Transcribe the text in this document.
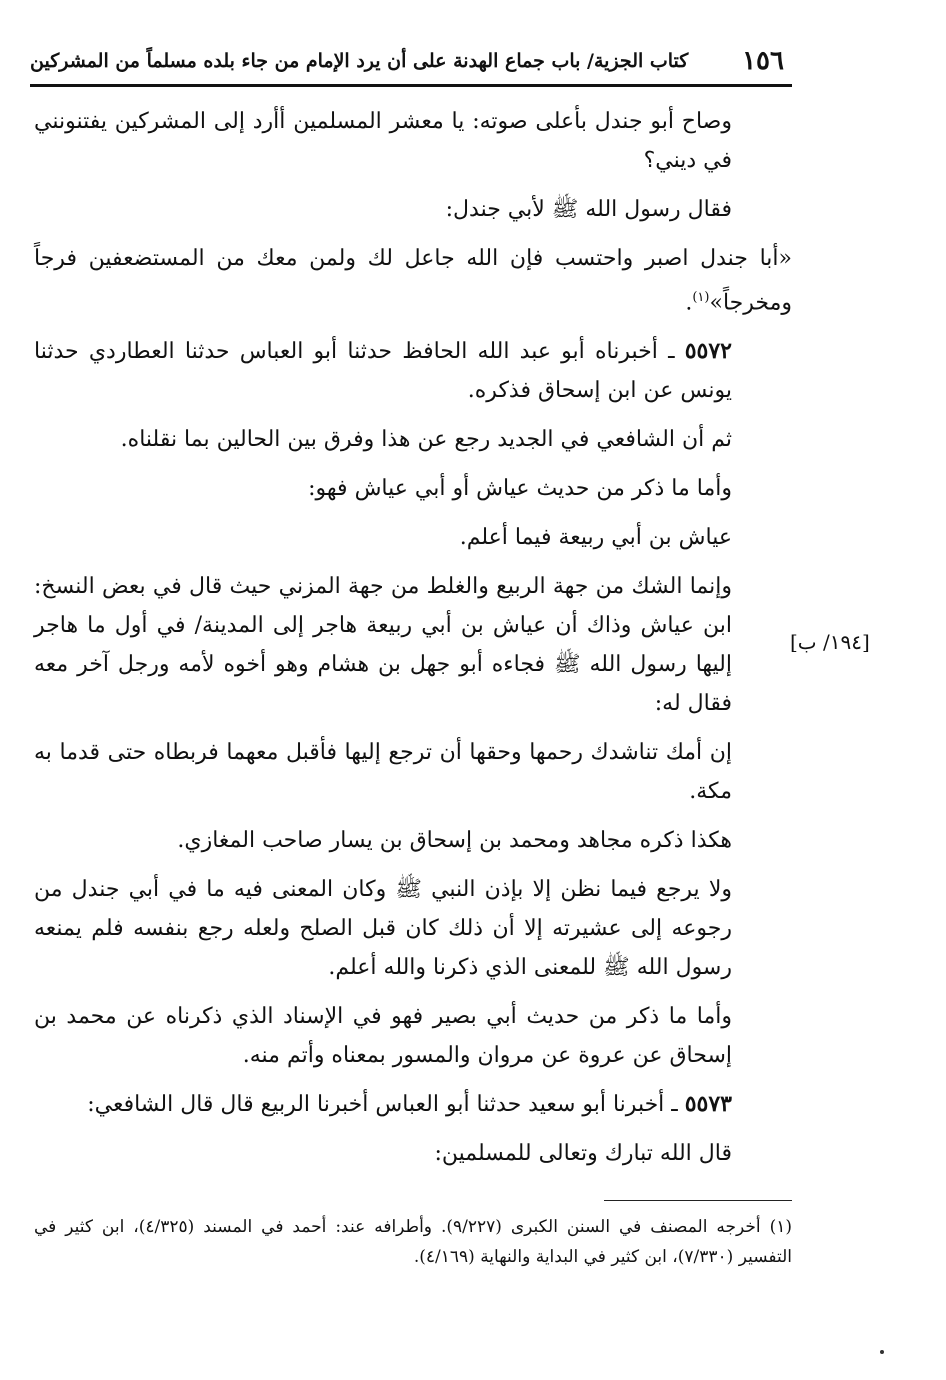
١٥٦
كتاب الجزية/ باب جماع الهدنة على أن يرد الإمام من جاء بلده مسلماً من المشركين

وصاح أبو جندل بأعلى صوته: يا معشر المسلمين أأرد إلى المشركين يفتنونني في ديني؟

فقال رسول الله ﷺ لأبي جندل:

«أبا جندل اصبر واحتسب فإن الله جاعل لك ولمن معك من المستضعفين فرجاً ومخرجاً»$^{(١)}$.

٥٥٧٢ ـ أخبرناه أبو عبد الله الحافظ حدثنا أبو العباس حدثنا العطاردي حدثنا يونس عن ابن إسحاق فذكره.

ثم أن الشافعي في الجديد رجع عن هذا وفرق بين الحالين بما نقلناه.

وأما ما ذكر من حديث عياش أو أبي عياش فهو:

عياش بن أبي ربيعة فيما أعلم.

وإنما الشك من جهة الربيع والغلط من جهة المزني حيث قال في بعض النسخ: ابن عياش وذاك أن عياش بن أبي ربيعة هاجر إلى المدينة/ في أول ما هاجر إليها رسول الله ﷺ فجاءه أبو جهل بن هشام وهو أخوه لأمه ورجل آخر معه فقال له:

إن أمك تناشدك رحمها وحقها أن ترجع إليها فأقبل معهما فربطاه حتى قدما به مكة.

هكذا ذكره مجاهد ومحمد بن إسحاق بن يسار صاحب المغازي.

ولا يرجع فيما نظن إلا بإذن النبي ﷺ وكان المعنى فيه ما في أبي جندل من رجوعه إلى عشيرته إلا أن ذلك كان قبل الصلح ولعله رجع بنفسه فلم يمنعه رسول الله ﷺ للمعنى الذي ذكرنا والله أعلم.

وأما ما ذكر من حديث أبي بصير فهو في الإسناد الذي ذكرناه عن محمد بن إسحاق عن عروة عن مروان والمسور بمعناه وأتم منه.

٥٥٧٣ ـ أخبرنا أبو سعيد حدثنا أبو العباس أخبرنا الربيع قال قال الشافعي:

قال الله تبارك وتعالى للمسلمين:

[١٩٤/ ب]
(١) أخرجه المصنف في السنن الكبرى (٩/٢٢٧). وأطرافه عند: أحمد في المسند (٤/٣٢٥)، ابن كثير في التفسير (٧/٣٣٠)، ابن كثير في البداية والنهاية (٤/١٦٩).
